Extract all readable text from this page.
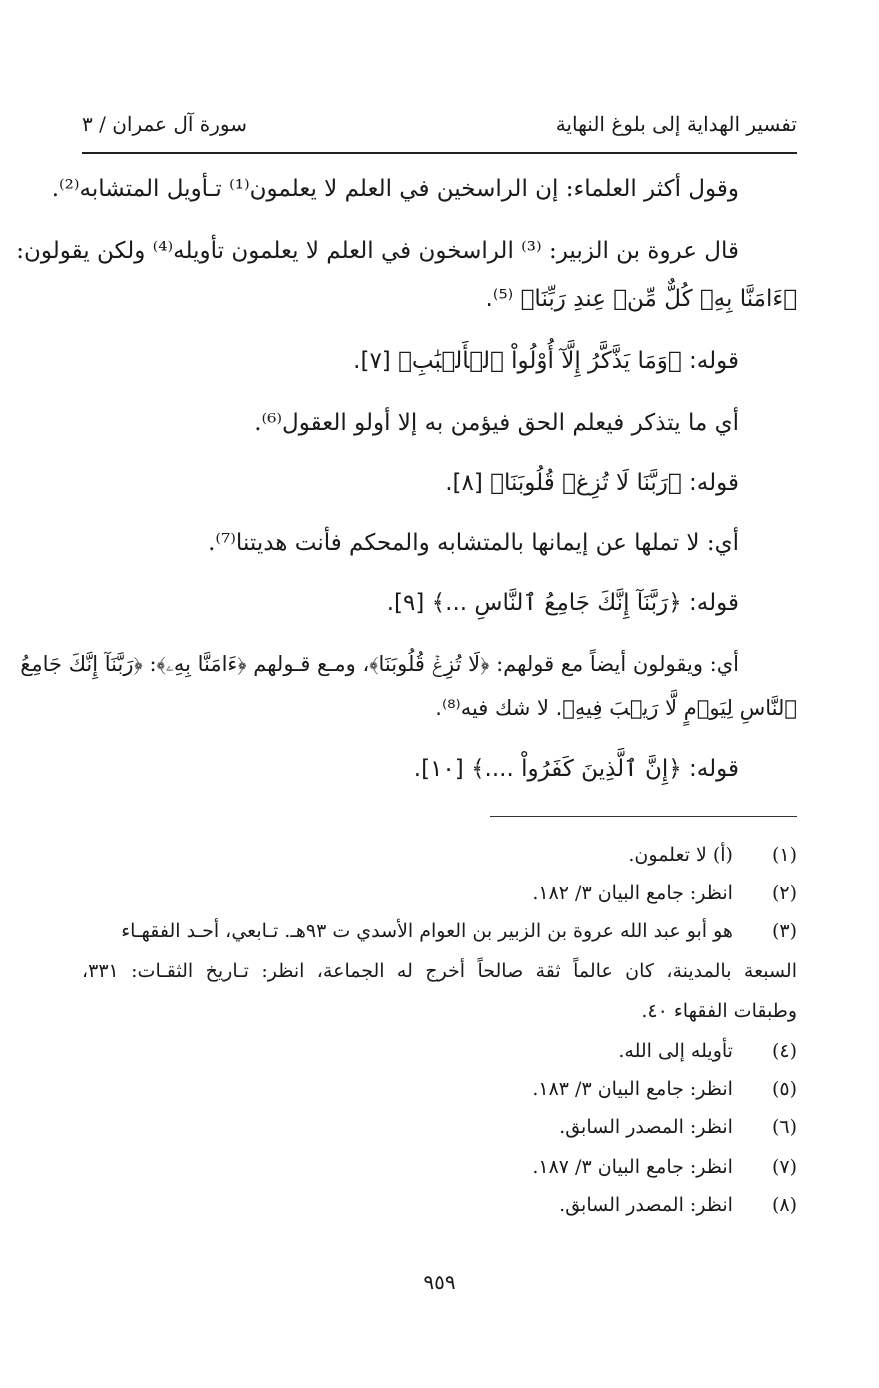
تفسير الهداية إلى بلوغ النهاية
سورة آل عمران / ٣
وقول أكثر العلماء: إن الراسخين في العلم لا يعلمون⁽¹⁾ تـأويل المتشابه⁽²⁾.
قال عروة بن الزبير: ⁽³⁾ الراسخون في العلم لا يعلمون تأويله⁽⁴⁾ ولكن يقولون:
﴿ءَامَنَّا بِهِۦ كُلٌّ مِّنۡ عِندِ رَبِّنَا﴾ ⁽⁵⁾.
قوله: ﴿وَمَا يَذَّكَّرُ إِلَّآ أُوْلُواْ ٱلۡأَلۡبَٰبِ﴾ [٧].
أي ما يتذكر فيعلم الحق فيؤمن به إلا أولو العقول⁽⁶⁾.
قوله: ﴿رَبَّنَا لَا تُزِغۡ قُلُوبَنَا﴾ [٨].
أي: لا تملها عن إيمانها بالمتشابه والمحكم فأنت هديتنا⁽⁷⁾.
قوله: ﴿رَبَّنَآ إِنَّكَ جَامِعُ ٱلنَّاسِ ...﴾ [٩].
أي: ويقولون أيضاً مع قولهم: ﴿لَا تُزِغۡ قُلُوبَنَا﴾، ومـع قـولهم ﴿ءَامَنَّا بِهِۦ﴾: ﴿رَبَّنَآ إِنَّكَ جَامِعُ
ٱلنَّاسِ لِيَوۡمٍ لَّا رَيۡبَ فِيهِ﴾. لا شك فيه⁽⁸⁾.
قوله: ﴿إِنَّ ٱلَّذِينَ كَفَرُواْ ....﴾ [١٠].
(١) (أ) لا تعلمون.
(٢) انظر: جامع البيان ٣/ ١٨٢.
(٣) هو أبو عبد الله عروة بن الزبير بن العوام الأسدي ت ٩٣هـ. تـابعي، أحـد الفقهـاء
السبعة بالمدينة، كان عالماً ثقة صالحاً أخرج له الجماعة، انظر: تـاريخ الثقـات: ٣٣١،
وطبقات الفقهاء ٤٠.
(٤) تأويله إلى الله.
(٥) انظر: جامع البيان ٣/ ١٨٣.
(٦) انظر: المصدر السابق.
(٧) انظر: جامع البيان ٣/ ١٨٧.
(٨) انظر: المصدر السابق.
٩٥٩
